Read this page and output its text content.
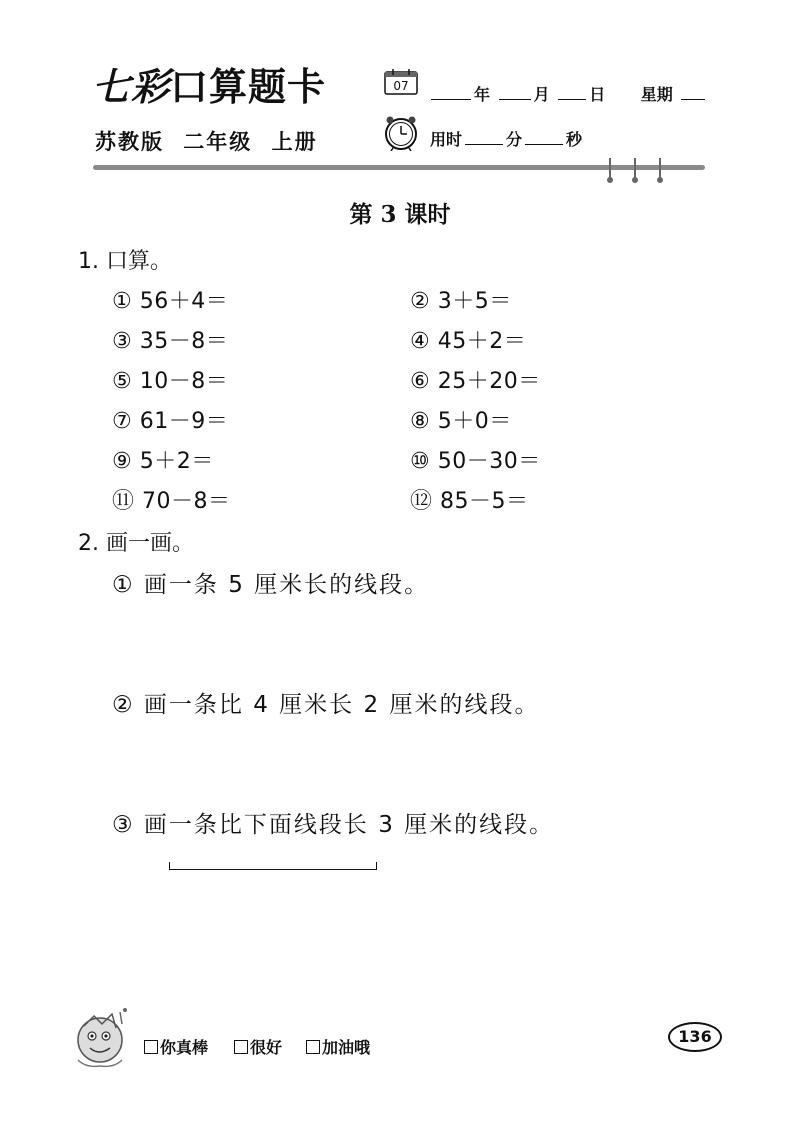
七彩口算题卡
苏教版 二年级 上册
07	年	月 日 星期
用时	分	秒
第 3 课时
1. 口算。
① 56＋4＝	② 3＋5＝
③ 35－8＝	④ 45＋2＝
⑤ 10－8＝	⑥ 25＋20＝
⑦ 61－9＝	⑧ 5＋0＝
⑨ 5＋2＝	⑩ 50－30＝
⑪ 70－8＝	⑫ 85－5＝
2. 画一画。
① 画一条 5 厘米长的线段。
② 画一条比 4 厘米长 2 厘米的线段。
③ 画一条比下面线段长 3 厘米的线段。
你真棒	很好	加油哦
136
